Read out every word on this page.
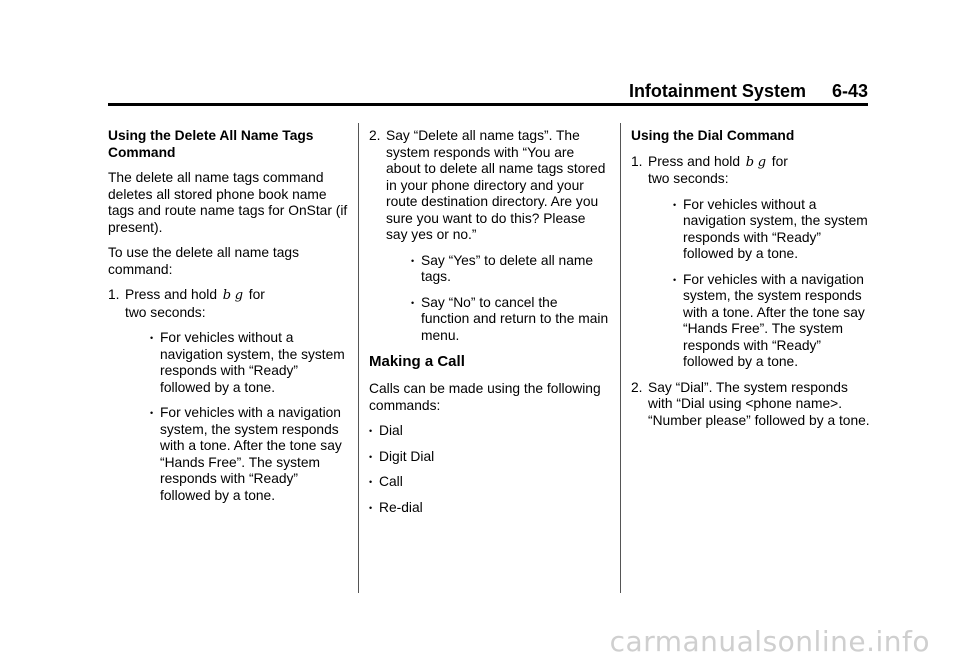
Infotainment System 6-43

Using the Delete All Name Tags Command

The delete all name tags command deletes all stored phone book name tags and route name tags for OnStar (if present).

To use the delete all name tags command:

1. Press and hold b g for
two seconds:
• For vehicles without a navigation system, the system responds with “Ready” followed by a tone.
• For vehicles with a navigation system, the system responds with a tone. After the tone say “Hands Free”. The system responds with “Ready” followed by a tone.
2. Say “Delete all name tags”. The system responds with “You are about to delete all name tags stored in your phone directory and your route destination directory. Are you sure you want to do this? Please say yes or no.”
• Say “Yes” to delete all name tags.
• Say “No” to cancel the function and return to the main menu.
Making a Call

Calls can be made using the following commands:

• Dial
• Digit Dial
• Call
• Re-dial

Using the Dial Command

1. Press and hold b g for
two seconds:
• For vehicles without a navigation system, the system responds with “Ready” followed by a tone.
• For vehicles with a navigation system, the system responds with a tone. After the tone say “Hands Free”. The system responds with “Ready” followed by a tone.
2. Say “Dial”. The system responds with “Dial using <phone name>. “Number please” followed by a tone.
carmanualsonline.info
